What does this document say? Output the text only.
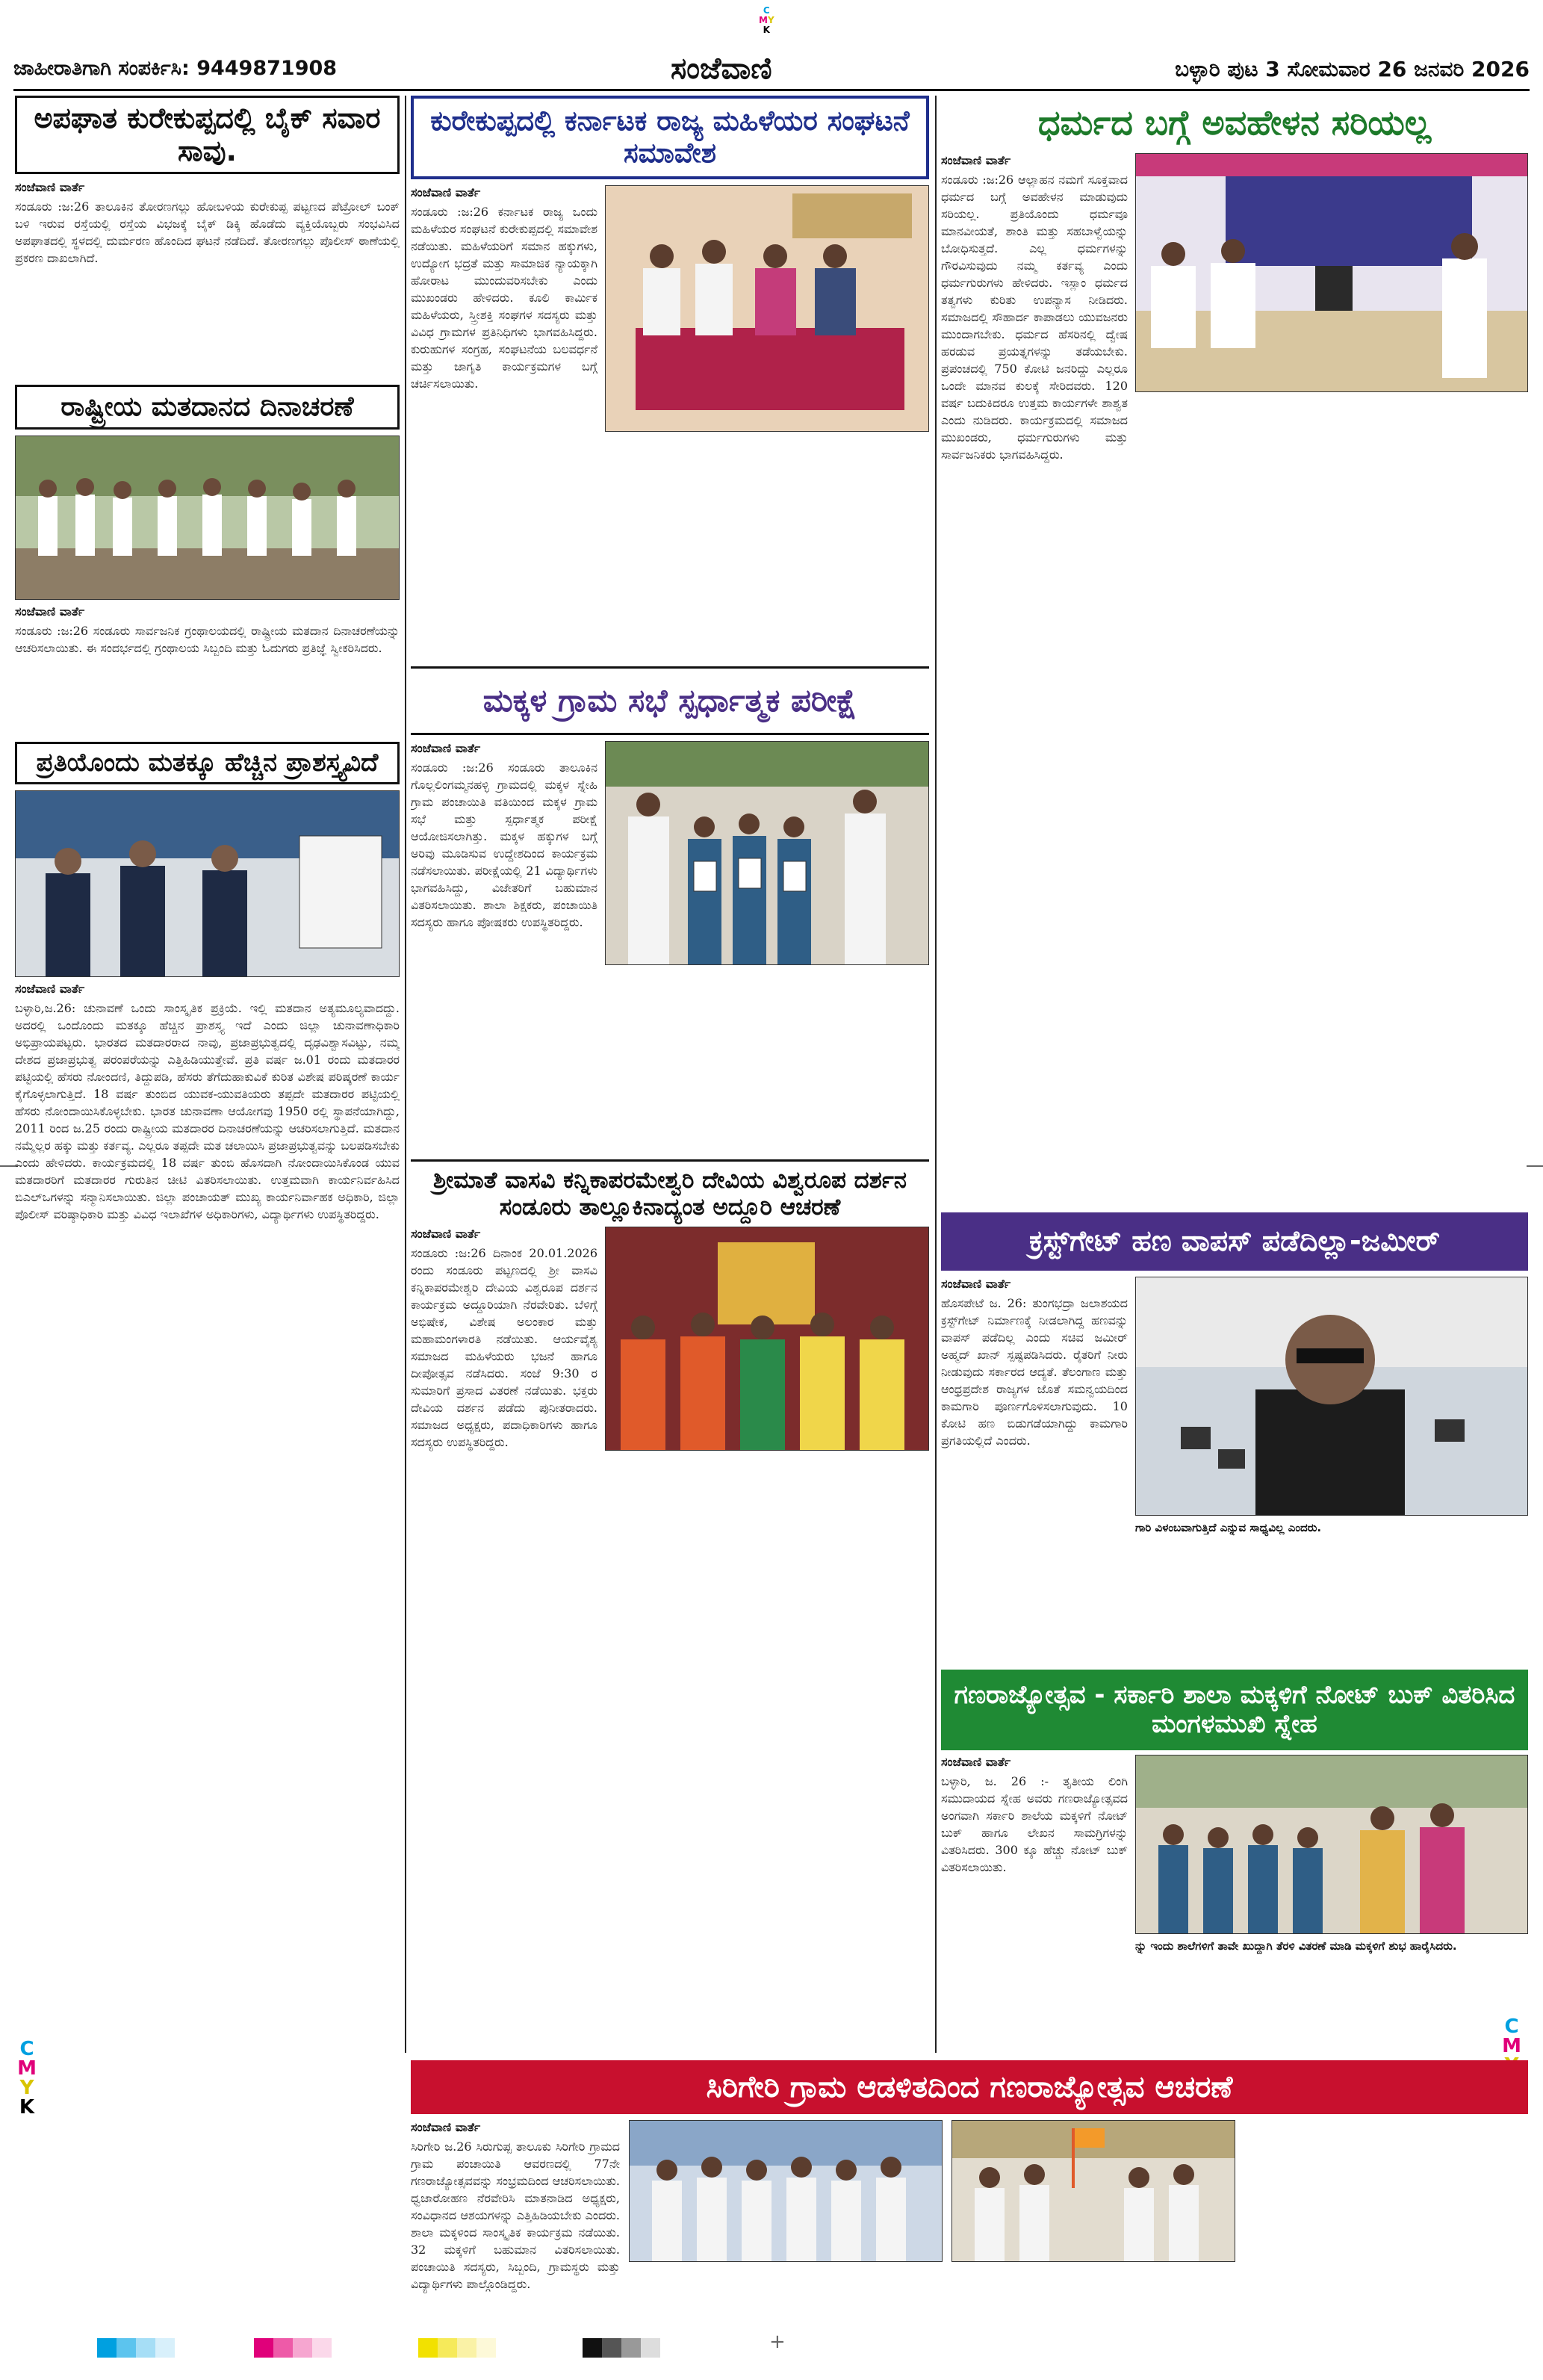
C
MY
K
C
M
Y
K
C
M
ಜಾಹೀರಾತಿಗಾಗಿ ಸಂಪರ್ಕಿಸಿ: 9449871908	ಸಂಜೆವಾಣಿ	ಬಳ್ಳಾರಿ ಪುಟ 3 ಸೋಮವಾರ 26 ಜನವರಿ 2026
ಅಪಘಾತ ಕುರೇಕುಪ್ಪದಲ್ಲಿ ಬೈಕ್ ಸವಾರ ಸಾವು.
ಸಂಜೆವಾಣಿ ವಾರ್ತೆ
ಸಂಡೂರು :ಜ:26 ತಾಲೂಕಿನ ತೋರಣಗಲ್ಲು ಹೋಬಳಿಯ ಕುರೇಕುಪ್ಪ ಪಟ್ಟಣದ ಪೆಟ್ರೋಲ್ ಬಂಕ್ ಬಳಿ ಇರುವ ರಸ್ತೆಯಲ್ಲಿ ರಸ್ತೆಯ ವಿಭಜಕ್ಕೆ ಬೈಕ್ ಡಿಕ್ಕಿ ಹೊಡೆದು ವ್ಯಕ್ತಿಯೊಬ್ಬರು ಸಂಭವಿಸಿದ ಅಪಘಾತದಲ್ಲಿ ಸ್ಥಳದಲ್ಲಿ ದುರ್ಮರಣ ಹೊಂದಿದ ಘಟನೆ ನಡೆದಿದೆ. ತೋರಣಗಲ್ಲು ಪೊಲೀಸ್ ಠಾಣೆಯಲ್ಲಿ ಪ್ರಕರಣ ದಾಖಲಾಗಿದೆ.
ರಾಷ್ಟ್ರೀಯ ಮತದಾನದ ದಿನಾಚರಣೆ
ಸಂಜೆವಾಣಿ ವಾರ್ತೆ
ಸಂಡೂರು :ಜ:26 ಸಂಡೂರು ಸಾರ್ವಜನಿಕ ಗ್ರಂಥಾಲಯದಲ್ಲಿ ರಾಷ್ಟ್ರೀಯ ಮತದಾನ ದಿನಾಚರಣೆಯನ್ನು ಆಚರಿಸಲಾಯಿತು. ಈ ಸಂದರ್ಭದಲ್ಲಿ ಗ್ರಂಥಾಲಯ ಸಿಬ್ಬಂದಿ ಮತ್ತು ಓದುಗರು ಪ್ರತಿಜ್ಞೆ ಸ್ವೀಕರಿಸಿದರು.
ಪ್ರತಿಯೊಂದು ಮತಕ್ಕೂ ಹೆಚ್ಚಿನ ಪ್ರಾಶಸ್ತ್ಯವಿದೆ
ಸಂಜೆವಾಣಿ ವಾರ್ತೆ
ಬಳ್ಳಾರಿ,ಜ.26: ಚುನಾವಣೆ ಒಂದು ಸಾಂಸ್ಕೃತಿಕ ಪ್ರಕ್ರಿಯೆ. ಇಲ್ಲಿ ಮತದಾನ ಅತ್ಯಮೂಲ್ಯವಾದದ್ದು. ಅದರಲ್ಲಿ ಒಂದೊಂದು ಮತಕ್ಕೂ ಹೆಚ್ಚಿನ ಪ್ರಾಶಸ್ತ್ಯ ಇದೆ ಎಂದು ಜಿಲ್ಲಾ ಚುನಾವಣಾಧಿಕಾರಿ ಅಭಿಪ್ರಾಯಪಟ್ಟರು. ಭಾರತದ ಮತದಾರರಾದ ನಾವು, ಪ್ರಜಾಪ್ರಭುತ್ವದಲ್ಲಿ ದೃಢವಿಶ್ವಾಸವಿಟ್ಟು, ನಮ್ಮ ದೇಶದ ಪ್ರಜಾಪ್ರಭುತ್ವ ಪರಂಪರೆಯನ್ನು ಎತ್ತಿಹಿಡಿಯುತ್ತೇವೆ. ಪ್ರತಿ ವರ್ಷ ಜ.01 ರಂದು ಮತದಾರರ ಪಟ್ಟಿಯಲ್ಲಿ ಹೆಸರು ನೋಂದಣಿ, ತಿದ್ದುಪಡಿ, ಹೆಸರು ತೆಗೆದುಹಾಕುವಿಕೆ ಕುರಿತ ವಿಶೇಷ ಪರಿಷ್ಕರಣೆ ಕಾರ್ಯ ಕೈಗೊಳ್ಳಲಾಗುತ್ತಿದೆ. 18 ವರ್ಷ ತುಂಬಿದ ಯುವಕ-ಯುವತಿಯರು ತಪ್ಪದೇ ಮತದಾರರ ಪಟ್ಟಿಯಲ್ಲಿ ಹೆಸರು ನೋಂದಾಯಿಸಿಕೊಳ್ಳಬೇಕು. ಭಾರತ ಚುನಾವಣಾ ಆಯೋಗವು 1950 ರಲ್ಲಿ ಸ್ಥಾಪನೆಯಾಗಿದ್ದು, 2011 ರಿಂದ ಜ.25 ರಂದು ರಾಷ್ಟ್ರೀಯ ಮತದಾರರ ದಿನಾಚರಣೆಯನ್ನು ಆಚರಿಸಲಾಗುತ್ತಿದೆ. ಮತದಾನ ನಮ್ಮೆಲ್ಲರ ಹಕ್ಕು ಮತ್ತು ಕರ್ತವ್ಯ. ಎಲ್ಲರೂ ತಪ್ಪದೇ ಮತ ಚಲಾಯಿಸಿ ಪ್ರಜಾಪ್ರಭುತ್ವವನ್ನು ಬಲಪಡಿಸಬೇಕು ಎಂದು ಹೇಳಿದರು. ಕಾರ್ಯಕ್ರಮದಲ್ಲಿ 18 ವರ್ಷ ತುಂಬಿ ಹೊಸದಾಗಿ ನೋಂದಾಯಿಸಿಕೊಂಡ ಯುವ ಮತದಾರರಿಗೆ ಮತದಾರರ ಗುರುತಿನ ಚೀಟಿ ವಿತರಿಸಲಾಯಿತು. ಉತ್ತಮವಾಗಿ ಕಾರ್ಯನಿರ್ವಹಿಸಿದ ಬಿಎಲ್‌ಒಗಳನ್ನು ಸನ್ಮಾನಿಸಲಾಯಿತು. ಜಿಲ್ಲಾ ಪಂಚಾಯತ್ ಮುಖ್ಯ ಕಾರ್ಯನಿರ್ವಾಹಕ ಅಧಿಕಾರಿ, ಜಿಲ್ಲಾ ಪೊಲೀಸ್ ವರಿಷ್ಠಾಧಿಕಾರಿ ಮತ್ತು ವಿವಿಧ ಇಲಾಖೆಗಳ ಅಧಿಕಾರಿಗಳು, ವಿದ್ಯಾರ್ಥಿಗಳು ಉಪಸ್ಥಿತರಿದ್ದರು.
ಕುರೇಕುಪ್ಪದಲ್ಲಿ ಕರ್ನಾಟಕ ರಾಜ್ಯ ಮಹಿಳೆಯರ ಸಂಘಟನೆ ಸಮಾವೇಶ
ಸಂಜೆವಾಣಿ ವಾರ್ತೆ
ಸಂಡೂರು :ಜ:26 ಕರ್ನಾಟಕ ರಾಜ್ಯ ಒಂದು ಮಹಿಳೆಯರ ಸಂಘಟನೆ ಕುರೇಕುಪ್ಪದಲ್ಲಿ ಸಮಾವೇಶ ನಡೆಯಿತು. ಮಹಿಳೆಯರಿಗೆ ಸಮಾನ ಹಕ್ಕುಗಳು, ಉದ್ಯೋಗ ಭದ್ರತೆ ಮತ್ತು ಸಾಮಾಜಿಕ ನ್ಯಾಯಕ್ಕಾಗಿ ಹೋರಾಟ ಮುಂದುವರಿಸಬೇಕು ಎಂದು ಮುಖಂಡರು ಹೇಳಿದರು. ಕೂಲಿ ಕಾರ್ಮಿಕ ಮಹಿಳೆಯರು, ಸ್ತ್ರೀಶಕ್ತಿ ಸಂಘಗಳ ಸದಸ್ಯರು ಮತ್ತು ವಿವಿಧ ಗ್ರಾಮಗಳ ಪ್ರತಿನಿಧಿಗಳು ಭಾಗವಹಿಸಿದ್ದರು. ಕುರುಹುಗಳ ಸಂಗ್ರಹ, ಸಂಘಟನೆಯ ಬಲವರ್ಧನೆ ಮತ್ತು ಜಾಗೃತಿ ಕಾರ್ಯಕ್ರಮಗಳ ಬಗ್ಗೆ ಚರ್ಚಿಸಲಾಯಿತು.
ಮಕ್ಕಳ ಗ್ರಾಮ ಸಭೆ ಸ್ಪರ್ಧಾತ್ಮಕ ಪರೀಕ್ಷೆ
ಸಂಜೆವಾಣಿ ವಾರ್ತೆ
ಸಂಡೂರು :ಜ:26 ಸಂಡೂರು ತಾಲೂಕಿನ ಗೊಲ್ಲಲಿಂಗಮ್ಮನಹಳ್ಳಿ ಗ್ರಾಮದಲ್ಲಿ ಮಕ್ಕಳ ಸ್ನೇಹಿ ಗ್ರಾಮ ಪಂಚಾಯಿತಿ ವತಿಯಿಂದ ಮಕ್ಕಳ ಗ್ರಾಮ ಸಭೆ ಮತ್ತು ಸ್ಪರ್ಧಾತ್ಮಕ ಪರೀಕ್ಷೆ ಆಯೋಜಿಸಲಾಗಿತ್ತು. ಮಕ್ಕಳ ಹಕ್ಕುಗಳ ಬಗ್ಗೆ ಅರಿವು ಮೂಡಿಸುವ ಉದ್ದೇಶದಿಂದ ಕಾರ್ಯಕ್ರಮ ನಡೆಸಲಾಯಿತು. ಪರೀಕ್ಷೆಯಲ್ಲಿ 21 ವಿದ್ಯಾರ್ಥಿಗಳು ಭಾಗವಹಿಸಿದ್ದು, ವಿಜೇತರಿಗೆ ಬಹುಮಾನ ವಿತರಿಸಲಾಯಿತು. ಶಾಲಾ ಶಿಕ್ಷಕರು, ಪಂಚಾಯಿತಿ ಸದಸ್ಯರು ಹಾಗೂ ಪೋಷಕರು ಉಪಸ್ಥಿತರಿದ್ದರು.
ಶ್ರೀಮಾತೆ ವಾಸವಿ ಕನ್ನಿಕಾಪರಮೇಶ್ವರಿ ದೇವಿಯ ವಿಶ್ವರೂಪ ದರ್ಶನ ಸಂಡೂರು ತಾಲ್ಲೂಕಿನಾದ್ಯಂತ ಅದ್ದೂರಿ ಆಚರಣೆ
ಸಂಜೆವಾಣಿ ವಾರ್ತೆ
ಸಂಡೂರು :ಜ:26 ದಿನಾಂಕ 20.01.2026 ರಂದು ಸಂಡೂರು ಪಟ್ಟಣದಲ್ಲಿ ಶ್ರೀ ವಾಸವಿ ಕನ್ನಿಕಾಪರಮೇಶ್ವರಿ ದೇವಿಯ ವಿಶ್ವರೂಪ ದರ್ಶನ ಕಾರ್ಯಕ್ರಮ ಅದ್ದೂರಿಯಾಗಿ ನೆರವೇರಿತು. ಬೆಳಿಗ್ಗೆ ಅಭಿಷೇಕ, ವಿಶೇಷ ಅಲಂಕಾರ ಮತ್ತು ಮಹಾಮಂಗಳಾರತಿ ನಡೆಯಿತು. ಆರ್ಯವೈಶ್ಯ ಸಮಾಜದ ಮಹಿಳೆಯರು ಭಜನೆ ಹಾಗೂ ದೀಪೋತ್ಸವ ನಡೆಸಿದರು. ಸಂಜೆ 9:30 ರ ಸುಮಾರಿಗೆ ಪ್ರಸಾದ ವಿತರಣೆ ನಡೆಯಿತು. ಭಕ್ತರು ದೇವಿಯ ದರ್ಶನ ಪಡೆದು ಪುನೀತರಾದರು. ಸಮಾಜದ ಅಧ್ಯಕ್ಷರು, ಪದಾಧಿಕಾರಿಗಳು ಹಾಗೂ ಸದಸ್ಯರು ಉಪಸ್ಥಿತರಿದ್ದರು.
ಧರ್ಮದ ಬಗ್ಗೆ ಅವಹೇಳನ ಸರಿಯಲ್ಲ
ಸಂಜೆವಾಣಿ ವಾರ್ತೆ
ಸಂಡೂರು :ಜ:26 ಆಲ್ಲಾಹನ ನಮಗೆ ಸೂಕ್ತವಾದ ಧರ್ಮದ ಬಗ್ಗೆ ಅವಹೇಳನ ಮಾಡುವುದು ಸರಿಯಲ್ಲ. ಪ್ರತಿಯೊಂದು ಧರ್ಮವೂ ಮಾನವೀಯತೆ, ಶಾಂತಿ ಮತ್ತು ಸಹಬಾಳ್ವೆಯನ್ನು ಬೋಧಿಸುತ್ತದೆ. ಎಲ್ಲ ಧರ್ಮಗಳನ್ನು ಗೌರವಿಸುವುದು ನಮ್ಮ ಕರ್ತವ್ಯ ಎಂದು ಧರ್ಮಗುರುಗಳು ಹೇಳಿದರು. ಇಸ್ಲಾಂ ಧರ್ಮದ ತತ್ವಗಳು ಕುರಿತು ಉಪನ್ಯಾಸ ನೀಡಿದರು. ಸಮಾಜದಲ್ಲಿ ಸೌಹಾರ್ದ ಕಾಪಾಡಲು ಯುವಜನರು ಮುಂದಾಗಬೇಕು. ಧರ್ಮದ ಹೆಸರಿನಲ್ಲಿ ದ್ವೇಷ ಹರಡುವ ಪ್ರಯತ್ನಗಳನ್ನು ತಡೆಯಬೇಕು. ಪ್ರಪಂಚದಲ್ಲಿ 750 ಕೋಟಿ ಜನರಿದ್ದು ಎಲ್ಲರೂ ಒಂದೇ ಮಾನವ ಕುಲಕ್ಕೆ ಸೇರಿದವರು. 120 ವರ್ಷ ಬದುಕಿದರೂ ಉತ್ತಮ ಕಾರ್ಯಗಳೇ ಶಾಶ್ವತ ಎಂದು ನುಡಿದರು. ಕಾರ್ಯಕ್ರಮದಲ್ಲಿ ಸಮಾಜದ ಮುಖಂಡರು, ಧರ್ಮಗುರುಗಳು ಮತ್ತು ಸಾರ್ವಜನಿಕರು ಭಾಗವಹಿಸಿದ್ದರು.
ಕ್ರಸ್ಟ್‌ಗೇಟ್ ಹಣ ವಾಪಸ್ ಪಡೆದಿಲ್ಲಾ-ಜಮೀರ್
ಸಂಜೆವಾಣಿ ವಾರ್ತೆ
ಹೊಸಪೇಟೆ ಜ. 26: ತುಂಗಭದ್ರಾ ಜಲಾಶಯದ ಕ್ರಸ್ಟ್‌ಗೇಟ್ ನಿರ್ಮಾಣಕ್ಕೆ ನೀಡಲಾಗಿದ್ದ ಹಣವನ್ನು ವಾಪಸ್ ಪಡೆದಿಲ್ಲ ಎಂದು ಸಚಿವ ಜಮೀರ್ ಅಹ್ಮದ್ ಖಾನ್ ಸ್ಪಷ್ಟಪಡಿಸಿದರು. ರೈತರಿಗೆ ನೀರು ನೀಡುವುದು ಸರ್ಕಾರದ ಆದ್ಯತೆ. ತೆಲಂಗಾಣ ಮತ್ತು ಆಂಧ್ರಪ್ರದೇಶ ರಾಜ್ಯಗಳ ಜೊತೆ ಸಮನ್ವಯದಿಂದ ಕಾಮಗಾರಿ ಪೂರ್ಣಗೊಳಿಸಲಾಗುವುದು. 10 ಕೋಟಿ ಹಣ ಬಿಡುಗಡೆಯಾಗಿದ್ದು ಕಾಮಗಾರಿ ಪ್ರಗತಿಯಲ್ಲಿದೆ ಎಂದರು.
ಗಾರಿ ವಿಳಂಬವಾಗುತ್ತಿದೆ ಎನ್ನುವ ಸಾಧ್ಯವಿಲ್ಲ ಎಂದರು.
ಗಣರಾಜ್ಯೋತ್ಸವ - ಸರ್ಕಾರಿ ಶಾಲಾ ಮಕ್ಕಳಿಗೆ ನೋಟ್ ಬುಕ್ ವಿತರಿಸಿದ ಮಂಗಳಮುಖಿ ಸ್ನೇಹ
ಸಂಜೆವಾಣಿ ವಾರ್ತೆ
ಬಳ್ಳಾರಿ, ಜ. 26 :- ತೃತೀಯ ಲಿಂಗಿ ಸಮುದಾಯದ ಸ್ನೇಹ ಅವರು ಗಣರಾಜ್ಯೋತ್ಸವದ ಅಂಗವಾಗಿ ಸರ್ಕಾರಿ ಶಾಲೆಯ ಮಕ್ಕಳಿಗೆ ನೋಟ್ ಬುಕ್ ಹಾಗೂ ಲೇಖನ ಸಾಮಗ್ರಿಗಳನ್ನು ವಿತರಿಸಿದರು. 300 ಕ್ಕೂ ಹೆಚ್ಚು ನೋಟ್ ಬುಕ್ ವಿತರಿಸಲಾಯಿತು.
ನ್ನು ಇಂದು ಶಾಲೆಗಳಿಗೆ ತಾವೇ ಖುದ್ದಾಗಿ ತೆರಳಿ ವಿತರಣೆ ಮಾಡಿ ಮಕ್ಕಳಿಗೆ ಶುಭ ಹಾರೈಸಿದರು.
ಸಿರಿಗೇರಿ ಗ್ರಾಮ ಆಡಳಿತದಿಂದ ಗಣರಾಜ್ಯೋತ್ಸವ ಆಚರಣೆ
ಸಂಜೆವಾಣಿ ವಾರ್ತೆ
ಸಿರಿಗೇರಿ ಜ.26 ಸಿರುಗುಪ್ಪ ತಾಲೂಕು ಸಿರಿಗೇರಿ ಗ್ರಾಮದ ಗ್ರಾಮ ಪಂಚಾಯಿತಿ ಆವರಣದಲ್ಲಿ 77ನೇ ಗಣರಾಜ್ಯೋತ್ಸವವನ್ನು ಸಂಭ್ರಮದಿಂದ ಆಚರಿಸಲಾಯಿತು. ಧ್ವಜಾರೋಹಣ ನೆರವೇರಿಸಿ ಮಾತನಾಡಿದ ಅಧ್ಯಕ್ಷರು, ಸಂವಿಧಾನದ ಆಶಯಗಳನ್ನು ಎತ್ತಿಹಿಡಿಯಬೇಕು ಎಂದರು. ಶಾಲಾ ಮಕ್ಕಳಿಂದ ಸಾಂಸ್ಕೃತಿಕ ಕಾರ್ಯಕ್ರಮ ನಡೆಯಿತು. 32 ಮಕ್ಕಳಿಗೆ ಬಹುಮಾನ ವಿತರಿಸಲಾಯಿತು. ಪಂಚಾಯಿತಿ ಸದಸ್ಯರು, ಸಿಬ್ಬಂದಿ, ಗ್ರಾಮಸ್ಥರು ಮತ್ತು ವಿದ್ಯಾರ್ಥಿಗಳು ಪಾಲ್ಗೊಂಡಿದ್ದರು.
+
